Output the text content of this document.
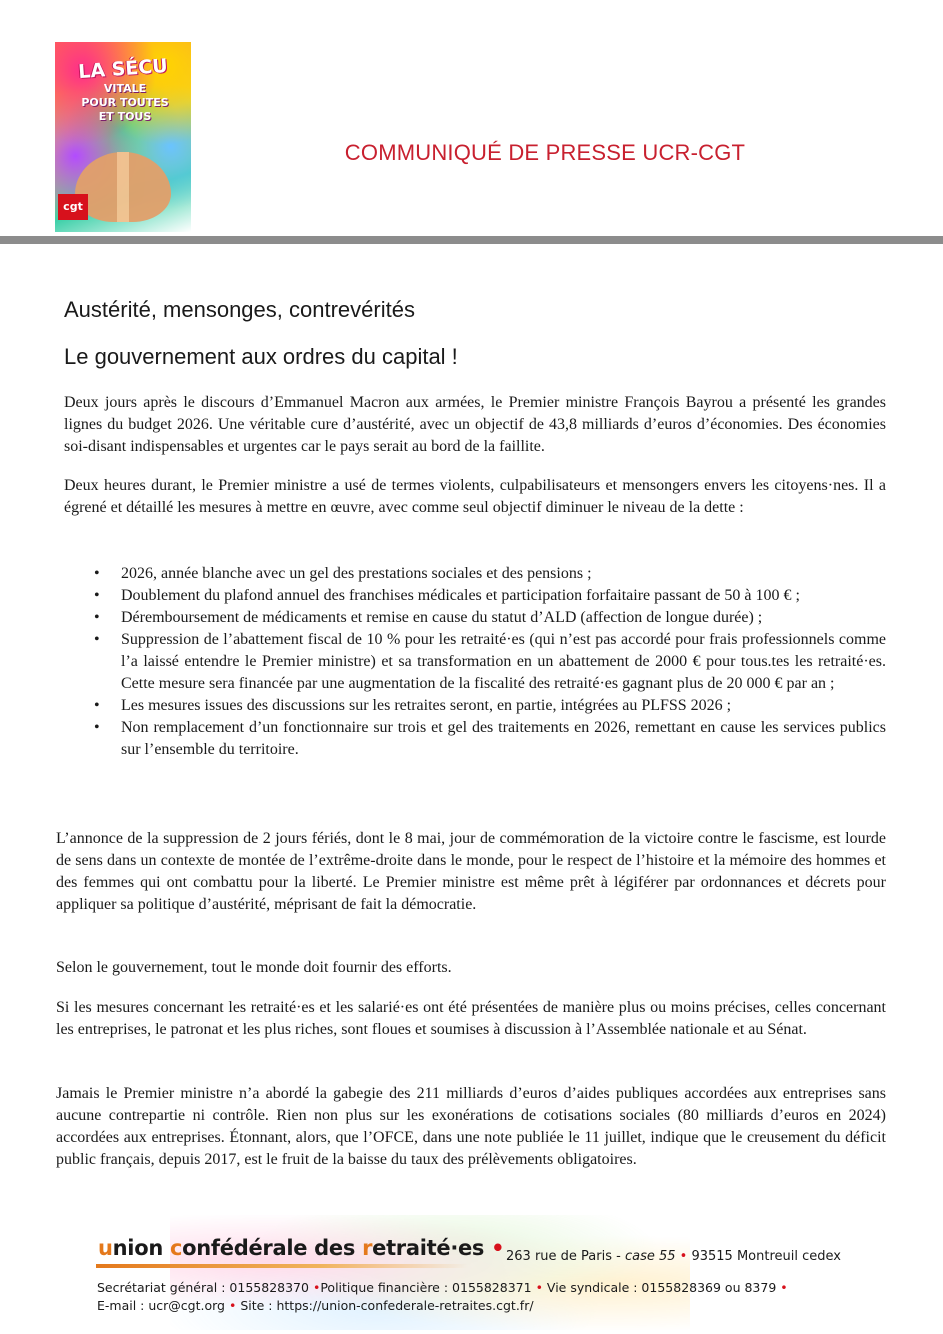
LA SÉCU
VITALE
POUR TOUTES
ET TOUS
cgt
COMMUNIQUÉ DE PRESSE UCR-CGT
Austérité, mensonges, contrevérités
Le gouvernement aux ordres du capital !

Deux jours après le discours d’Emmanuel Macron aux armées, le Premier ministre François Bayrou a présenté les grandes lignes du budget 2026. Une véritable cure d’austérité, avec un objectif de 43,8 milliards d’euros d’économies. Des économies soi-disant indispensables et urgentes car le pays serait au bord de la faillite.

Deux heures durant, le Premier ministre a usé de termes violents, culpabilisateurs et mensongers envers les citoyens·nes. Il a égrené et détaillé les mesures à mettre en œuvre, avec comme seul objectif diminuer le niveau de la dette :

• 2026, année blanche avec un gel des prestations sociales et des pensions ;
• Doublement du plafond annuel des franchises médicales et participation forfaitaire passant de 50 à 100 € ;
• Déremboursement de médicaments et remise en cause du statut d’ALD (affection de longue durée) ;
• Suppression de l’abattement fiscal de 10 % pour les retraité·es (qui n’est pas accordé pour frais professionnels comme l’a laissé entendre le Premier ministre) et sa transformation en un abattement de 2000 € pour tous.tes les retraité·es. Cette mesure sera financée par une augmentation de la fiscalité des retraité·es gagnant plus de 20 000 € par an ;
• Les mesures issues des discussions sur les retraites seront, en partie, intégrées au PLFSS 2026 ;
• Non remplacement d’un fonctionnaire sur trois et gel des traitements en 2026, remettant en cause les services publics sur l’ensemble du territoire.

L’annonce de la suppression de 2 jours fériés, dont le 8 mai, jour de commémoration de la victoire contre le fascisme, est lourde de sens dans un contexte de montée de l’extrême-droite dans le monde, pour le respect de l’histoire et la mémoire des hommes et des femmes qui ont combattu pour la liberté. Le Premier ministre est même prêt à légiférer par ordonnances et décrets pour appliquer sa politique d’austérité, méprisant de fait la démocratie.

Selon le gouvernement, tout le monde doit fournir des efforts.

Si les mesures concernant les retraité·es et les salarié·es ont été présentées de manière plus ou moins précises, celles concernant les entreprises, le patronat et les plus riches, sont floues et soumises à discussion à l’Assemblée nationale et au Sénat.

Jamais le Premier ministre n’a abordé la gabegie des 211 milliards d’euros d’aides publiques accordées aux entreprises sans aucune contrepartie ni contrôle. Rien non plus sur les exonérations de cotisations sociales (80 milliards d’euros en 2024) accordées aux entreprises. Étonnant, alors, que l’OFCE, dans une note publiée le 11 juillet, indique que le creusement du déficit public français, depuis 2017, est le fruit de la baisse du taux des prélèvements obligatoires.

union confédérale des retraité·es • 263 rue de Paris - case 55 • 93515 Montreuil cedex
Secrétariat général : 0155828370 •Politique financière : 0155828371 • Vie syndicale : 0155828369 ou 8379 •
E-mail : ucr@cgt.org • Site : https://union-confederale-retraites.cgt.fr/
